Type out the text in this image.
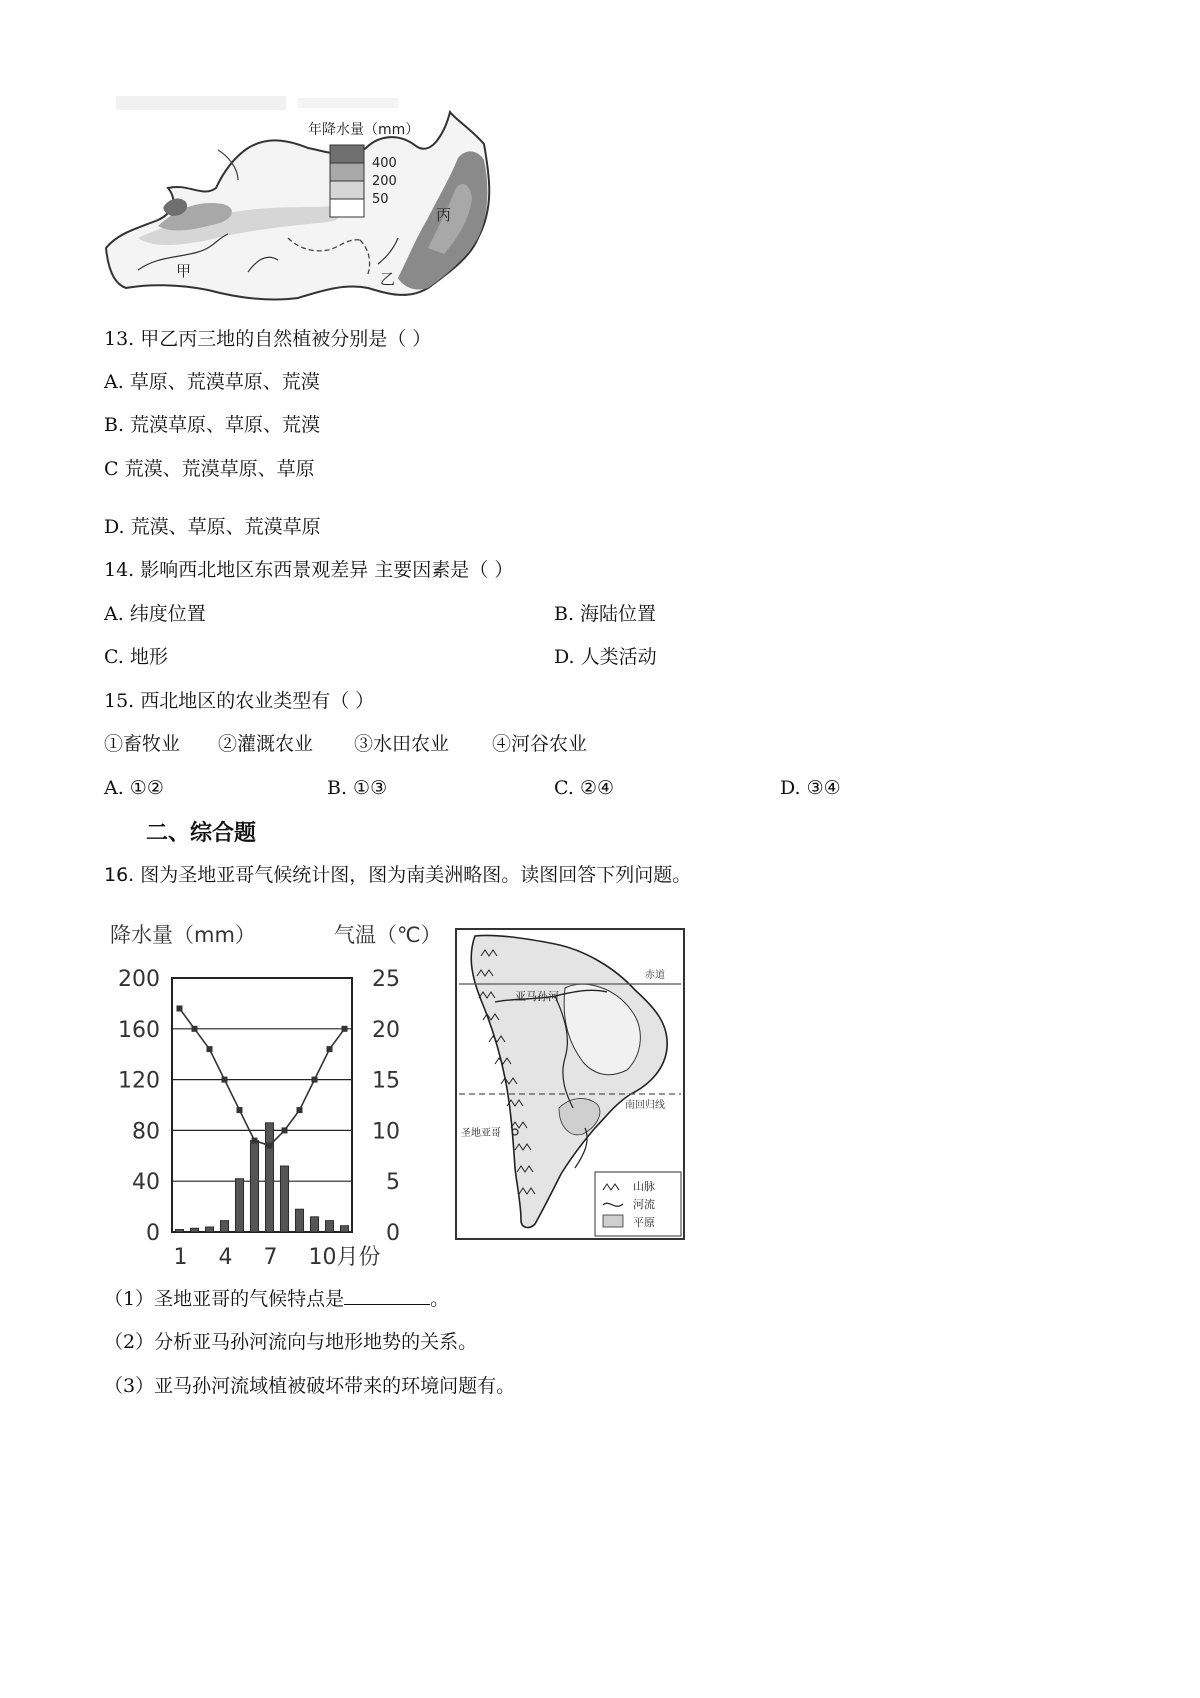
年降水量（mm）
400
200
50
甲	乙
丙
13. 甲乙丙三地的自然植被分别是（ ）
A. 草原、荒漠草原、荒漠
B. 荒漠草原、草原、荒漠
C 荒漠、荒漠草原、草原
D. 荒漠、草原、荒漠草原
14. 影响西北地区东西景观差异 主要因素是（ ）
A. 纬度位置	B. 海陆位置
C. 地形	D. 人类活动
15. 西北地区的农业类型有（ ）
①畜牧业 ②灌溉农业 ③水田农业 ④河谷农业
A. ①②	B. ①③	C. ②④	D. ③④
二、综合题
16. 图为圣地亚哥气候统计图，图为南美洲略图。读图回答下列问题。
降水量（mm）	气温（℃）
200
160
120
80
40
0
25
20
15
10
5
0
1 4 7 10月份
赤道
南回归线
亚马孙河
圣地亚哥
山脉
河流
平原
（1）圣地亚哥的气候特点是	。
（2）分析亚马孙河流向与地形地势的关系。
（3）亚马孙河流域植被破坏带来的环境问题有。
